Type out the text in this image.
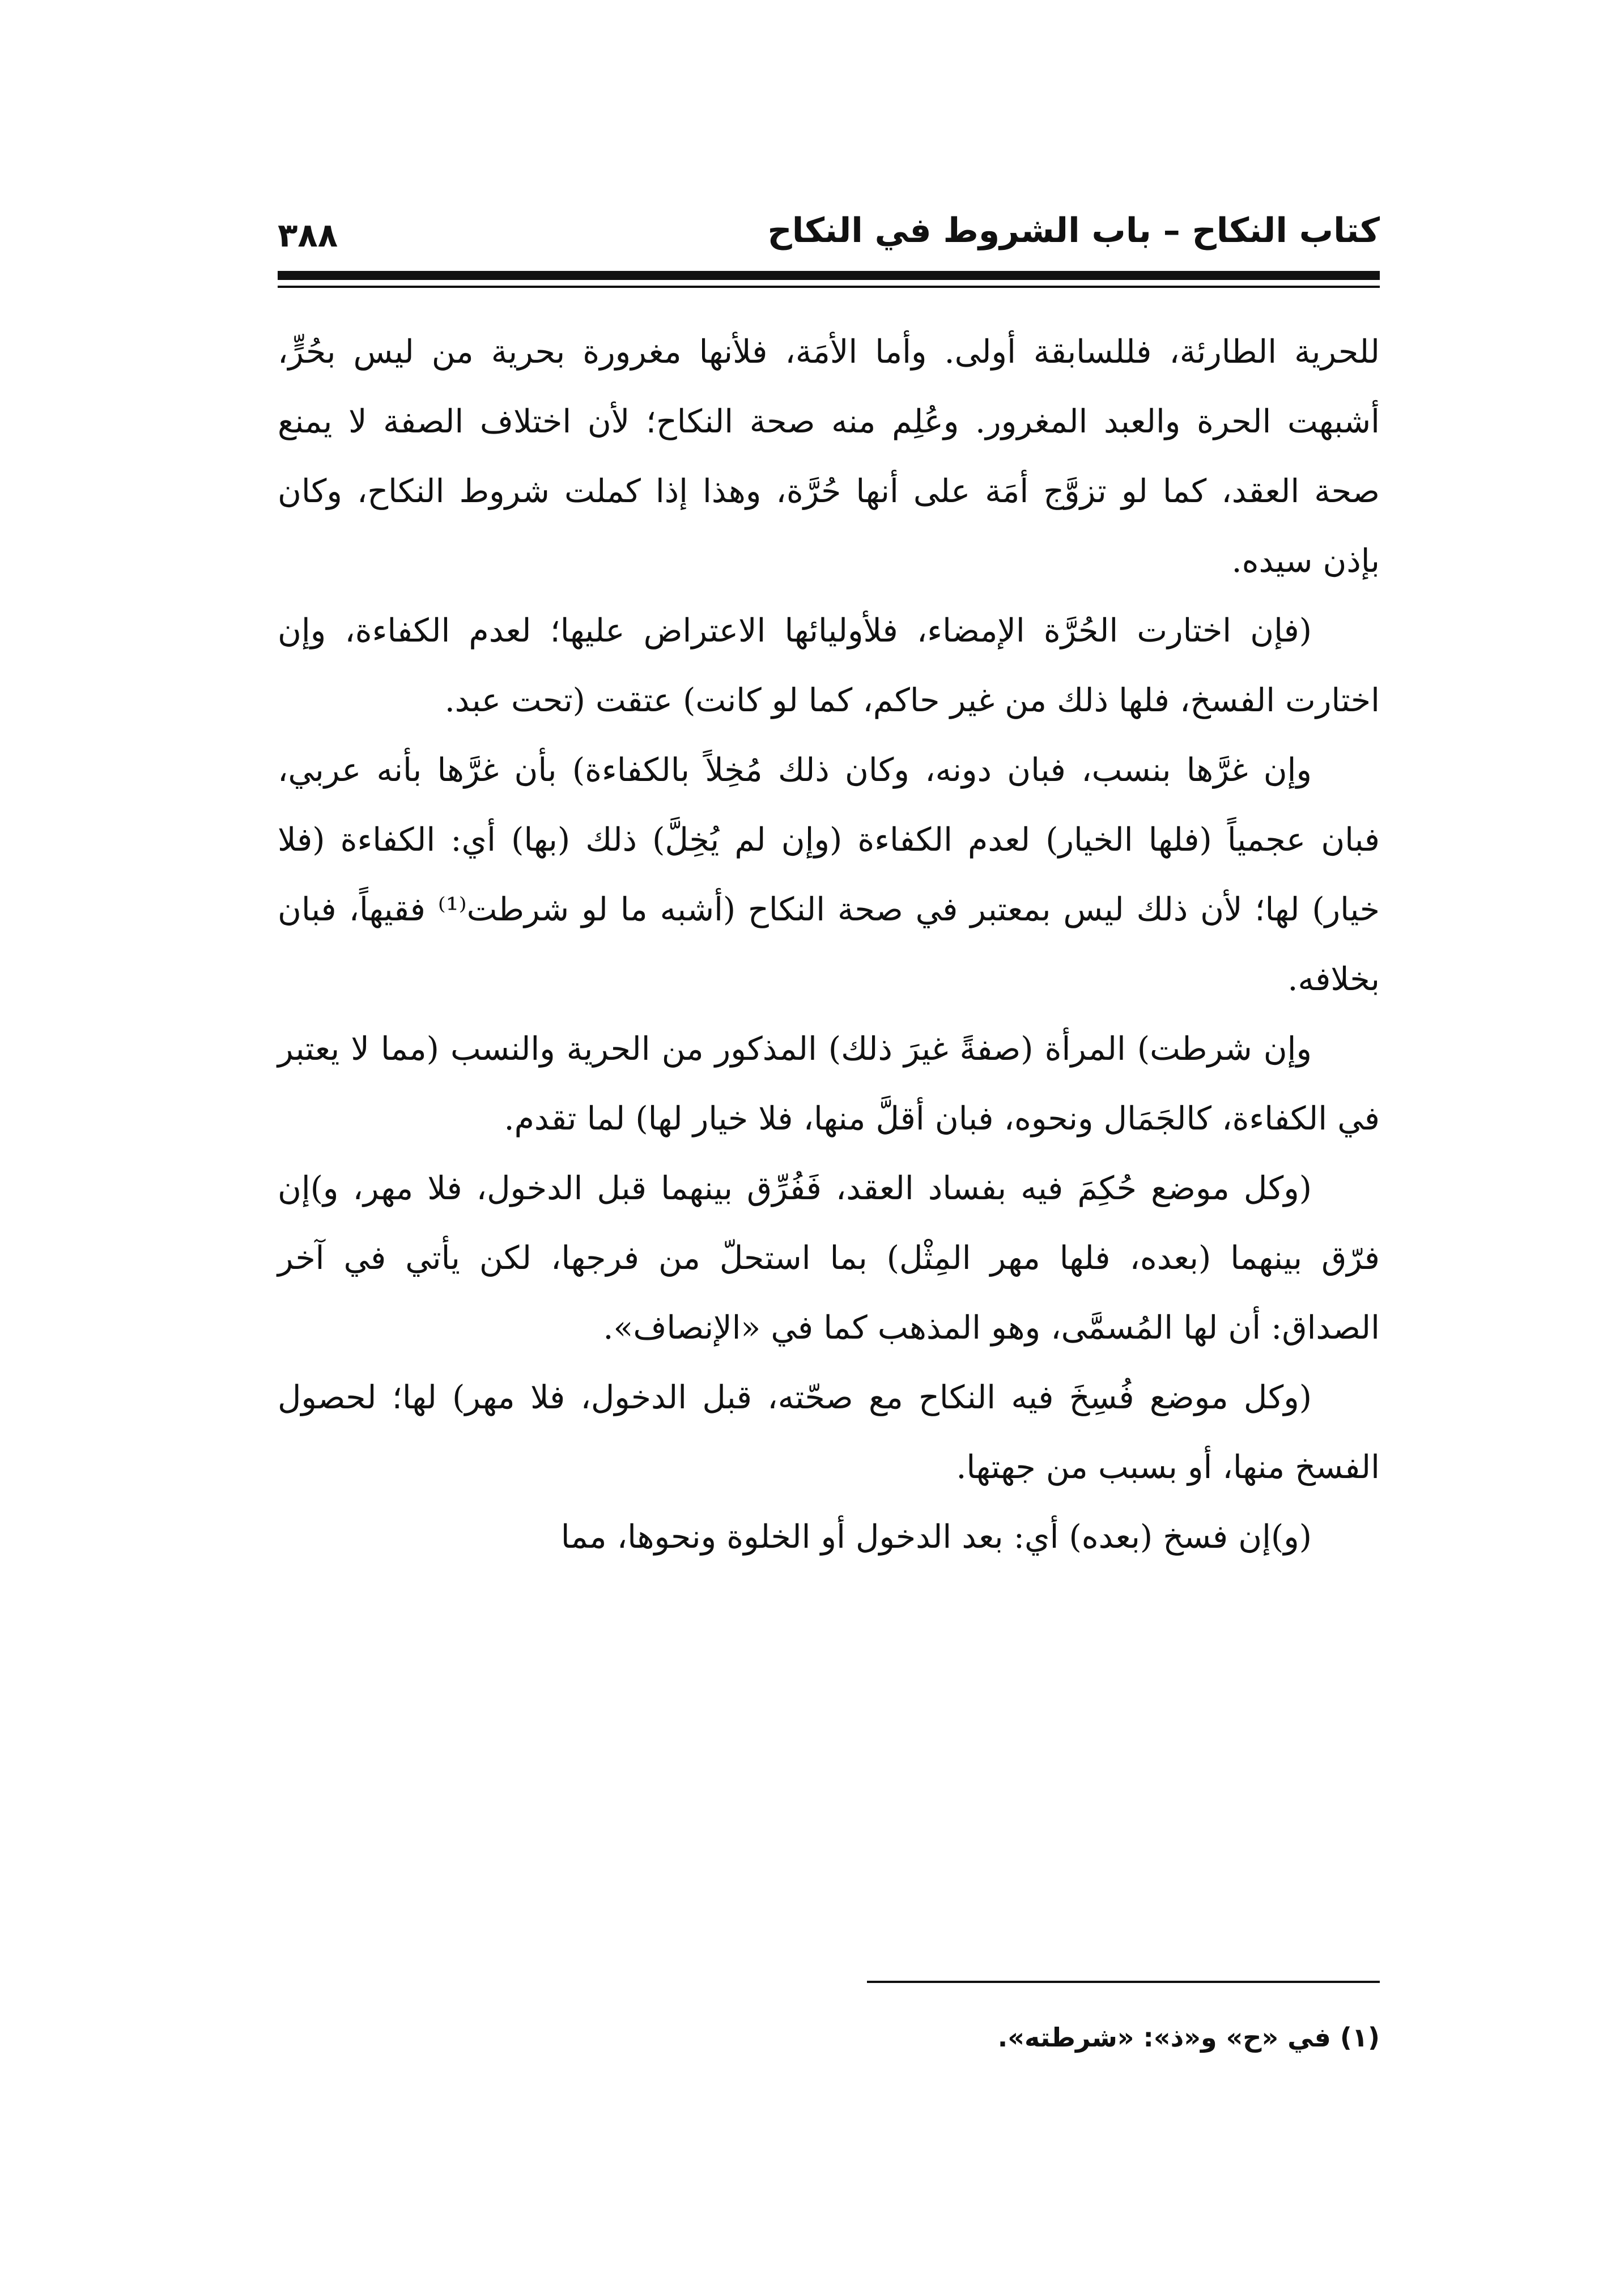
كتاب النكاح – باب الشروط في النكاح
٣٨٨

للحرية الطارئة، فللسابقة أولى. وأما الأمَة، فلأنها مغرورة بحرية من ليس بحُرٍّ، أشبهت الحرة والعبد المغرور. وعُلِم منه صحة النكاح؛ لأن اختلاف الصفة لا يمنع صحة العقد، كما لو تزوَّج أمَة على أنها حُرَّة، وهذا إذا كملت شروط النكاح، وكان بإذن سيده.

(فإن اختارت الحُرَّة الإمضاء، فلأوليائها الاعتراض عليها؛ لعدم الكفاءة، وإن اختارت الفسخ، فلها ذلك من غير حاكم، كما لو كانت) عتقت (تحت عبد.

وإن غرَّها بنسب، فبان دونه، وكان ذلك مُخِلاً بالكفاءة) بأن غرَّها بأنه عربي، فبان عجمياً (فلها الخيار) لعدم الكفاءة (وإن لم يُخِلَّ) ذلك (بها) أي: الكفاءة (فلا خيار) لها؛ لأن ذلك ليس بمعتبر في صحة النكاح (أشبه ما لو شرطت⁽¹⁾ فقيهاً، فبان بخلافه.

وإن شرطت) المرأة (صفةً غيرَ ذلك) المذكور من الحرية والنسب (مما لا يعتبر في الكفاءة، كالجَمَال ونحوه، فبان أقلَّ منها، فلا خيار لها) لما تقدم.

(وكل موضع حُكِمَ فيه بفساد العقد، فَفُرِّق بينهما قبل الدخول، فلا مهر، و)إن فرّق بينهما (بعده، فلها مهر المِثْل) بما استحلّ من فرجها، لكن يأتي في آخر الصداق: أن لها المُسمَّى، وهو المذهب كما في «الإنصاف».

(وكل موضع فُسِخَ فيه النكاح مع صحّته، قبل الدخول، فلا مهر) لها؛ لحصول الفسخ منها، أو بسبب من جهتها.

(و)إن فسخ (بعده) أي: بعد الدخول أو الخلوة ونحوها، مما

(١) في «ح» و«ذ»: «شرطته».
